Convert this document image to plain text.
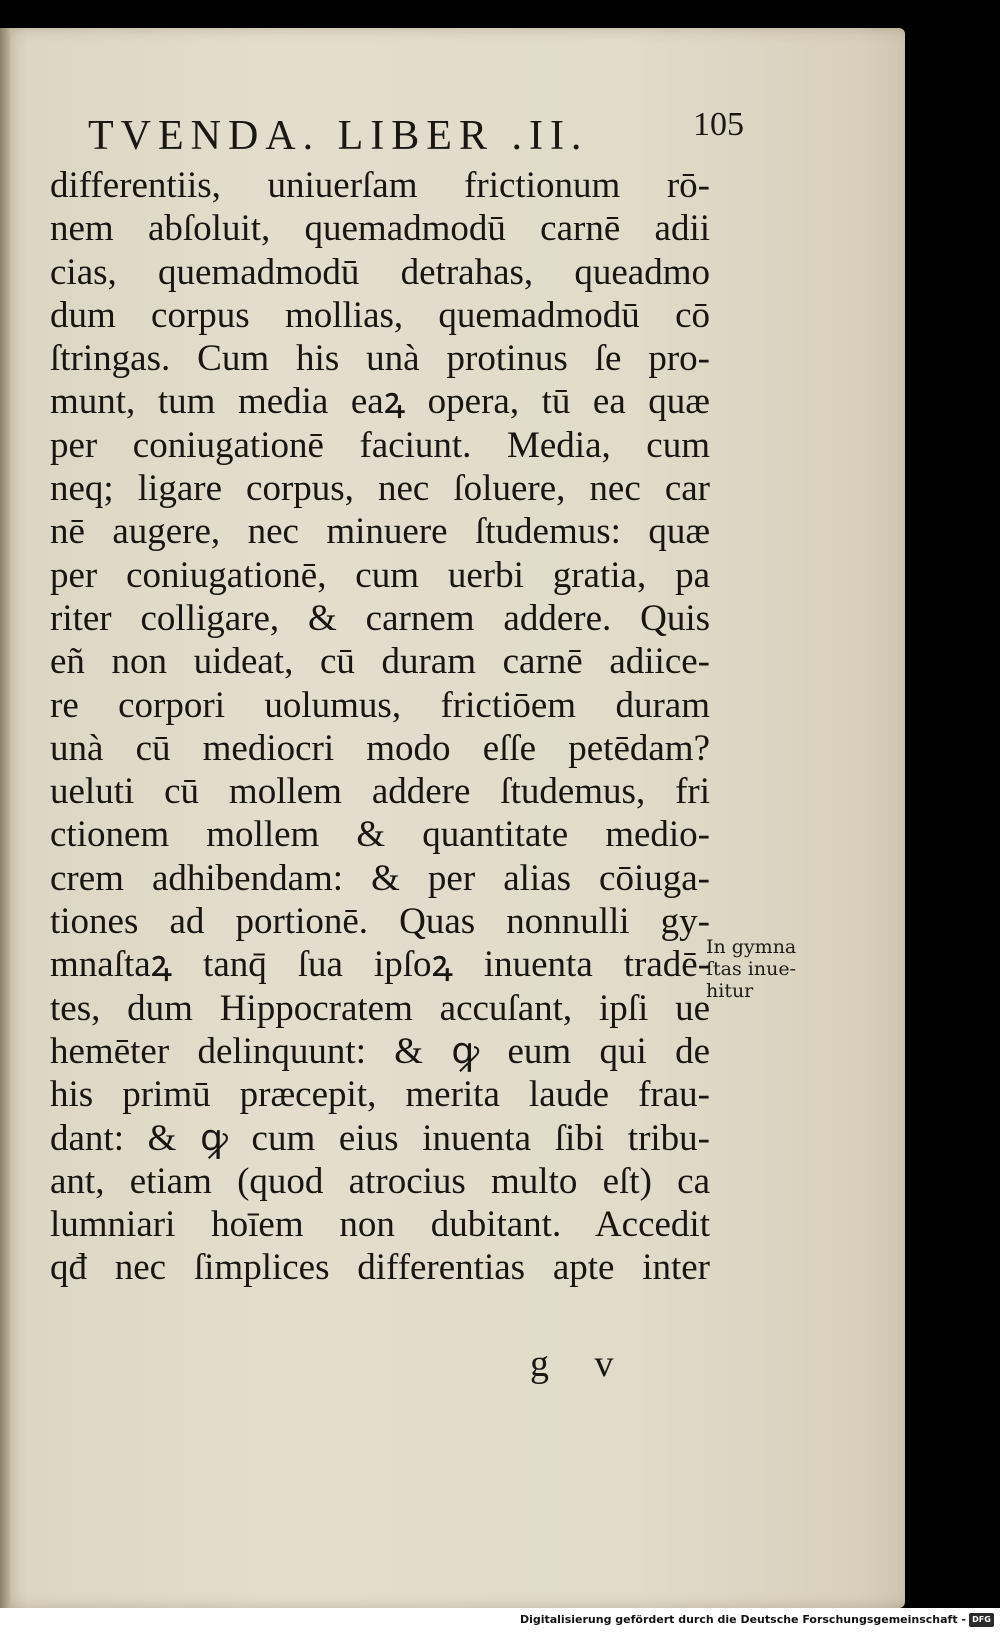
TVENDA. LIBER .II.	105
differentiis, uniuerſam frictionum rō-
nem abſoluit, quemadmodū carnē adii
cias, quemadmodū detrahas, queadmo
dum corpus mollias, quemadmodū cō
ſtringas. Cum his unà protinus ſe pro-
munt, tum media eaꝝ opera, tū ea quæ
per coniugationē faciunt. Media, cum
neq; ligare corpus, nec ſoluere, nec car
nē augere, nec minuere ſtudemus: quæ
per coniugationē, cum uerbi gratia, pa
riter colligare, & carnem addere. Quis
eñ non uideat, cū duram carnē adiice-
re corpori uolumus, frictiōem duram
unà cū mediocri modo eſſe petēdam?
ueluti cū mollem addere ſtudemus, fri
ctionem mollem & quantitate medio-
crem adhibendam: & per alias cōiuga-
tiones ad portionē. Quas nonnulli gy-
mnaſtaꝝ tanq̄ ſua ipſoꝝ inuenta tradē-
tes, dum Hippocratem accuſant, ipſi ue
hemēter delinquunt: & ꝙ eum qui de
his primū præcepit, merita laude frau-
dant: & ꝙ cum eius inuenta ſibi tribu-
ant, etiam (quod atrocius multo eſt) ca
lumniari hoīem non dubitant. Accedit
qđ nec ſimplices differentias apte inter
In gymna
ſtas inue-
hitur
g v
Digitalisierung gefördert durch die Deutsche Forschungsgemeinschaft - DFG
